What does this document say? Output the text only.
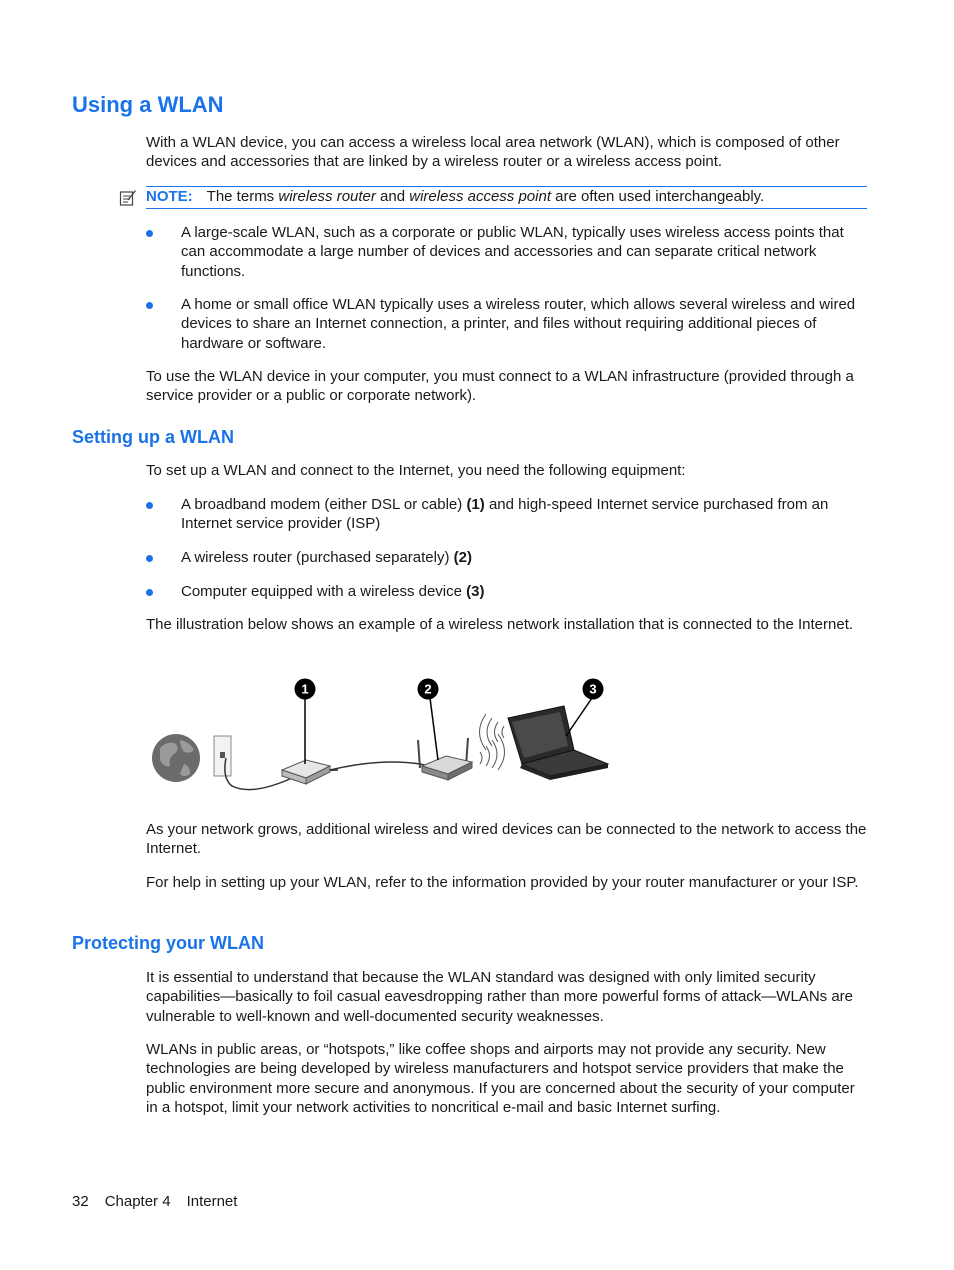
Using a WLAN

With a WLAN device, you can access a wireless local area network (WLAN), which is composed of other devices and accessories that are linked by a wireless router or a wireless access point.

NOTE: The terms wireless router and wireless access point are often used interchangeably.
A large-scale WLAN, such as a corporate or public WLAN, typically uses wireless access points that can accommodate a large number of devices and accessories and can separate critical network functions.
A home or small office WLAN typically uses a wireless router, which allows several wireless and wired devices to share an Internet connection, a printer, and files without requiring additional pieces of hardware or software.

To use the WLAN device in your computer, you must connect to a WLAN infrastructure (provided through a service provider or a public or corporate network).

Setting up a WLAN

To set up a WLAN and connect to the Internet, you need the following equipment:

A broadband modem (either DSL or cable) (1) and high-speed Internet service purchased from an Internet service provider (ISP)
A wireless router (purchased separately) (2)
Computer equipped with a wireless device (3)

The illustration below shows an example of a wireless network installation that is connected to the Internet.

1	2	3

As your network grows, additional wireless and wired devices can be connected to the network to access the Internet.

For help in setting up your WLAN, refer to the information provided by your router manufacturer or your ISP.

Protecting your WLAN

It is essential to understand that because the WLAN standard was designed with only limited security capabilities—basically to foil casual eavesdropping rather than more powerful forms of attack—WLANs are vulnerable to well-known and well-documented security weaknesses.

WLANs in public areas, or “hotspots,” like coffee shops and airports may not provide any security. New technologies are being developed by wireless manufacturers and hotspot service providers that make the public environment more secure and anonymous. If you are concerned about the security of your computer in a hotspot, limit your network activities to noncritical e-mail and basic Internet surfing.

32 Chapter 4 Internet
